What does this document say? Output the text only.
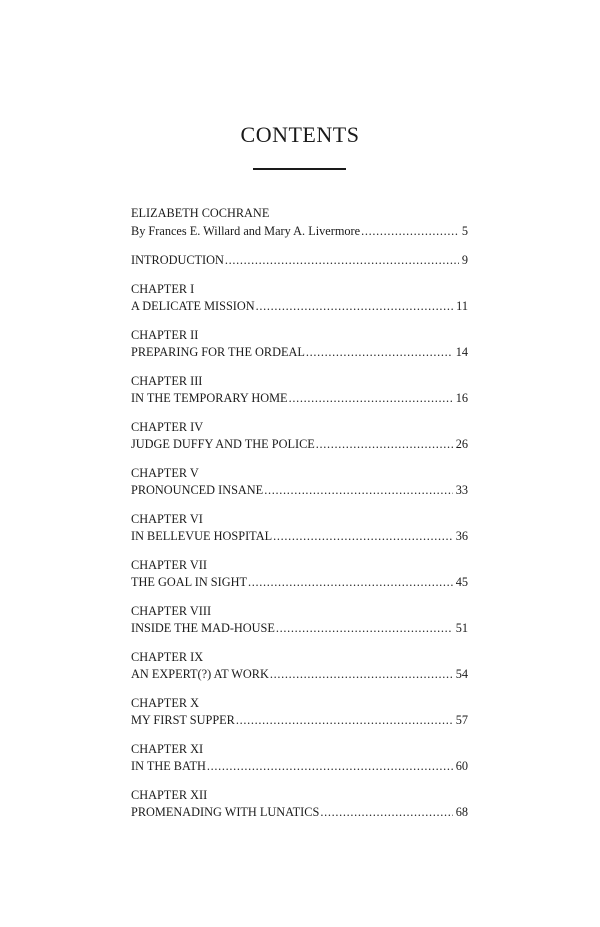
CONTENTS
ELIZABETH COCHRANE
By Frances E. Willard and Mary A. Livermore . . .	5
INTRODUCTION . . .	9
CHAPTER I
A DELICATE MISSION . . .	11
CHAPTER II
PREPARING FOR THE ORDEAL . . .	14
CHAPTER III
IN THE TEMPORARY HOME . . .	16
CHAPTER IV
JUDGE DUFFY AND THE POLICE . . .	26
CHAPTER V
PRONOUNCED INSANE . . .	33
CHAPTER VI
IN BELLEVUE HOSPITAL . . .	36
CHAPTER VII
THE GOAL IN SIGHT . . .	45
CHAPTER VIII
INSIDE THE MAD-HOUSE . . .	51
CHAPTER IX
AN EXPERT(?) AT WORK . . .	54
CHAPTER X
MY FIRST SUPPER . . .	57
CHAPTER XI
IN THE BATH . . .	60
CHAPTER XII
PROMENADING WITH LUNATICS . . .	68
